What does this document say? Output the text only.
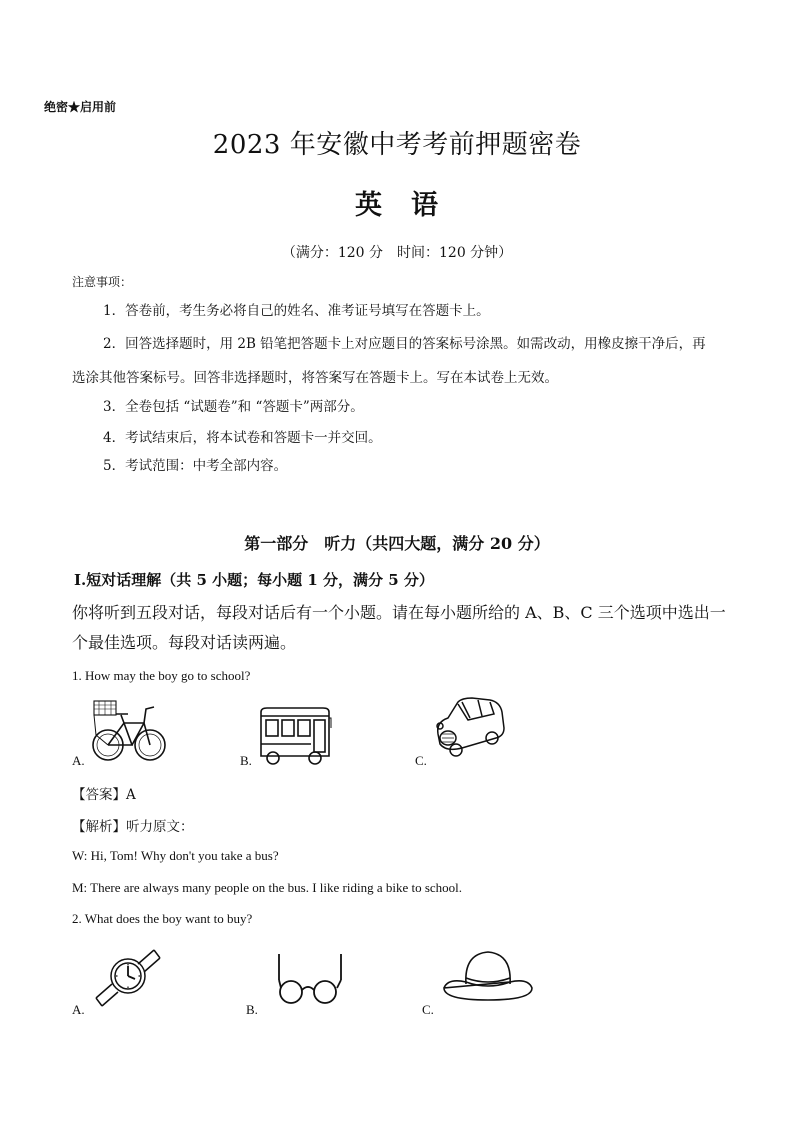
绝密★启用前
2023 年安徽中考考前押题密卷
英　语
（满分：120 分　时间：120 分钟）
注意事项：
1．答卷前，考生务必将自己的姓名、准考证号填写在答题卡上。
2．回答选择题时，用 2B 铅笔把答题卡上对应题目的答案标号涂黑。如需改动，用橡皮擦干净后，再
选涂其他答案标号。回答非选择题时，将答案写在答题卡上。写在本试卷上无效。
3．全卷包括 “试题卷”和 “答题卡”两部分。
4．考试结束后，将本试卷和答题卡一并交回。
5．考试范围：中考全部内容。
第一部分　听力（共四大题，满分 20 分）
Ⅰ.短对话理解（共 5 小题；每小题 1 分，满分 5 分）
你将听到五段对话，每段对话后有一个小题。请在每小题所给的 A、B、C 三个选项中选出一个最佳选项。每段对话读两遍。
1. How may the boy go to school?
A.	B.	C.
【答案】A
【解析】听力原文：
W: Hi, Tom! Why don't you take a bus?
M: There are always many people on the bus. I like riding a bike to school.
2. What does the boy want to buy?
A.	B.	C.
